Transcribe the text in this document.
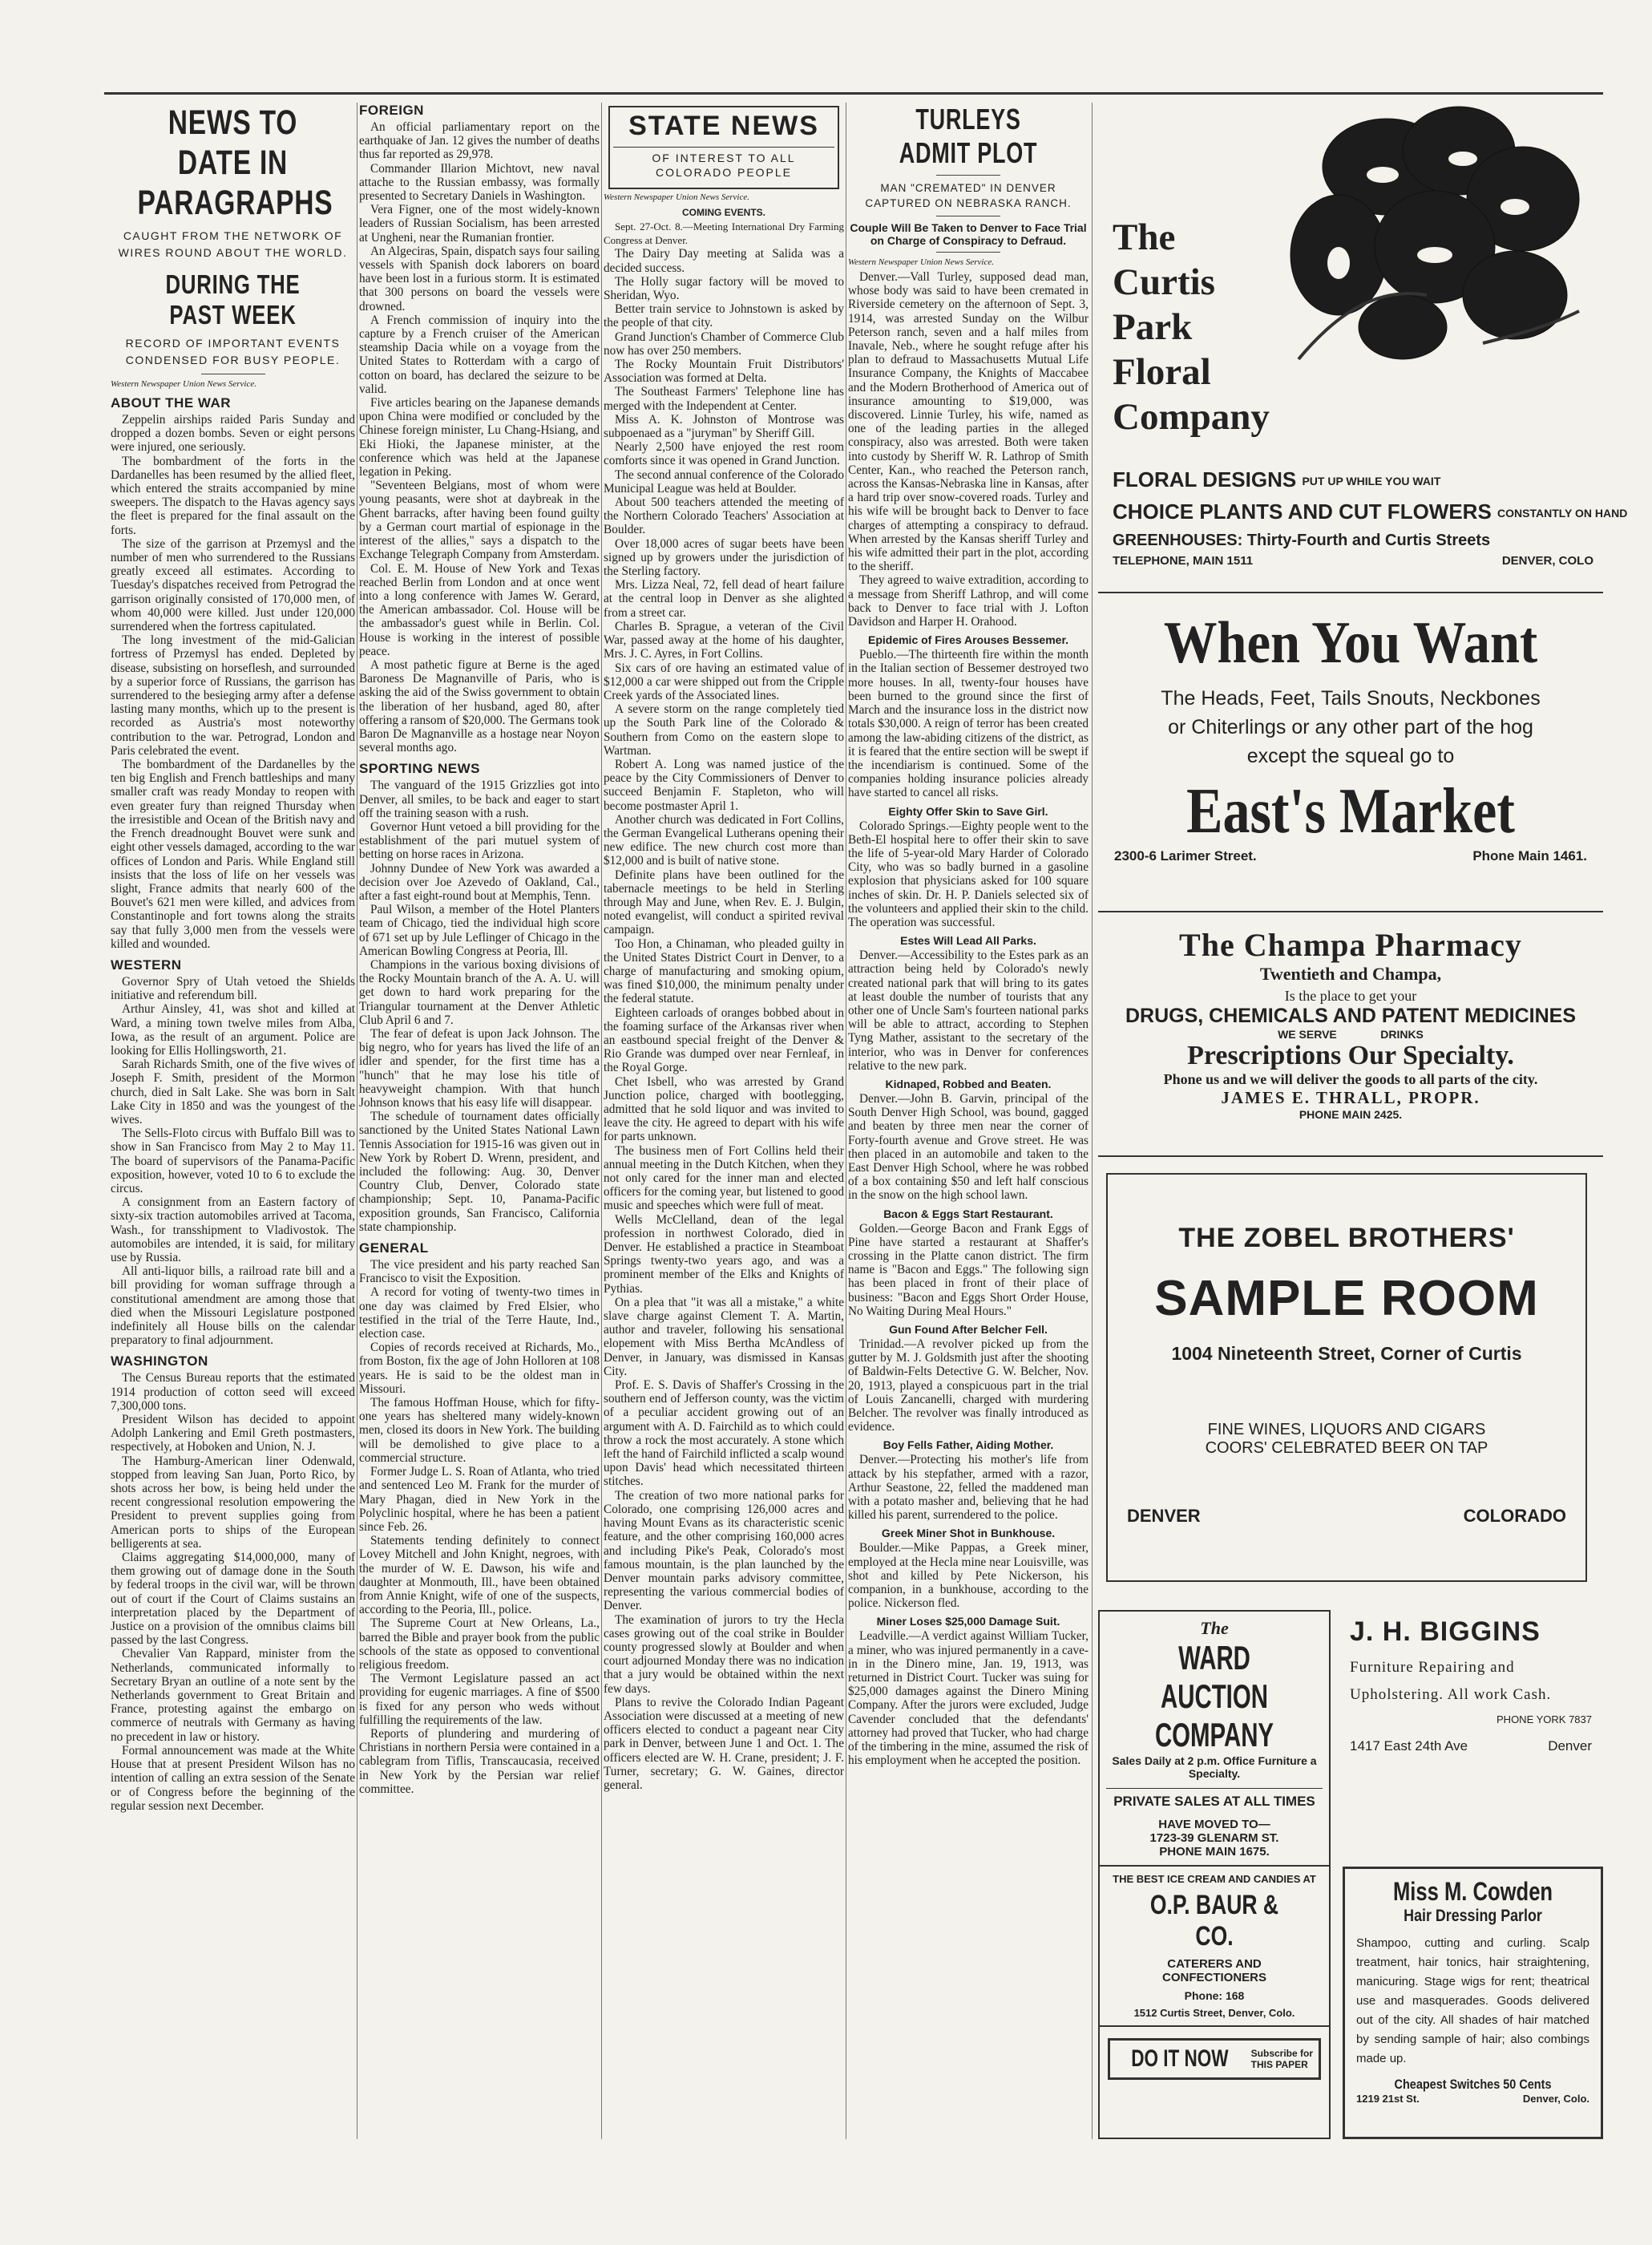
NEWS TO DATE IN PARAGRAPHS

CAUGHT FROM THE NETWORK OF WIRES ROUND ABOUT THE WORLD.

DURING THE PAST WEEK

RECORD OF IMPORTANT EVENTS CONDENSED FOR BUSY PEOPLE.

Western Newspaper Union News Service.

ABOUT THE WAR

Zeppelin airships raided Paris Sunday and dropped a dozen bombs. Seven or eight persons were injured, one seriously.

The bombardment of the forts in the Dardanelles has been resumed by the allied fleet, which entered the straits accompanied by mine sweepers. The dispatch to the Havas agency says the fleet is prepared for the final assault on the forts.

The size of the garrison at Przemysl and the number of men who surrendered to the Russians greatly exceed all estimates. According to Tuesday's dispatches received from Petrograd the garrison originally consisted of 170,000 men, of whom 40,000 were killed. Just under 120,000 surrendered when the fortress capitulated.

The long investment of the mid-Galician fortress of Przemysl has ended. Depleted by disease, subsisting on horseflesh, and surrounded by a superior force of Russians, the garrison has surrendered to the besieging army after a defense lasting many months, which up to the present is recorded as Austria's most noteworthy contribution to the war. Petrograd, London and Paris celebrated the event.

The bombardment of the Dardanelles by the ten big English and French battleships and many smaller craft was ready Monday to reopen with even greater fury than reigned Thursday when the irresistible and Ocean of the British navy and the French dreadnought Bouvet were sunk and eight other vessels damaged, according to the war offices of London and Paris. While England still insists that the loss of life on her vessels was slight, France admits that nearly 600 of the Bouvet's 621 men were killed, and advices from Constantinople and fort towns along the straits say that fully 3,000 men from the vessels were killed and wounded.

WESTERN

Governor Spry of Utah vetoed the Shields initiative and referendum bill.

Arthur Ainsley, 41, was shot and killed at Ward, a mining town twelve miles from Alba, Iowa, as the result of an argument. Police are looking for Ellis Hollingsworth, 21.

Sarah Richards Smith, one of the five wives of Joseph F. Smith, president of the Mormon church, died in Salt Lake. She was born in Salt Lake City in 1850 and was the youngest of the wives.

The Sells-Floto circus with Buffalo Bill was to show in San Francisco from May 2 to May 11. The board of supervisors of the Panama-Pacific exposition, however, voted 10 to 6 to exclude the circus.

A consignment from an Eastern factory of sixty-six traction automobiles arrived at Tacoma, Wash., for transshipment to Vladivostok. The automobiles are intended, it is said, for military use by Russia.

All anti-liquor bills, a railroad rate bill and a bill providing for woman suffrage through a constitutional amendment are among those that died when the Missouri Legislature postponed indefinitely all House bills on the calendar preparatory to final adjournment.

WASHINGTON

The Census Bureau reports that the estimated 1914 production of cotton seed will exceed 7,300,000 tons.

President Wilson has decided to appoint Adolph Lankering and Emil Greth postmasters, respectively, at Hoboken and Union, N. J.

The Hamburg-American liner Odenwald, stopped from leaving San Juan, Porto Rico, by shots across her bow, is being held under the recent congressional resolution empowering the President to prevent supplies going from American ports to ships of the European belligerents at sea.

Claims aggregating $14,000,000, many of them growing out of damage done in the South by federal troops in the civil war, will be thrown out of court if the Court of Claims sustains an interpretation placed by the Department of Justice on a provision of the omnibus claims bill passed by the last Congress.

Chevalier Van Rappard, minister from the Netherlands, communicated informally to Secretary Bryan an outline of a note sent by the Netherlands government to Great Britain and France, protesting against the embargo on commerce of neutrals with Germany as having no precedent in law or history.

Formal announcement was made at the White House that at present President Wilson has no intention of calling an extra session of the Senate or of Congress before the beginning of the regular session next December.

FOREIGN

An official parliamentary report on the earthquake of Jan. 12 gives the number of deaths thus far reported as 29,978.

Commander Illarion Michtovt, new naval attache to the Russian embassy, was formally presented to Secretary Daniels in Washington.

Vera Figner, one of the most widely-known leaders of Russian Socialism, has been arrested at Ungheni, near the Rumanian frontier.

An Algeciras, Spain, dispatch says four sailing vessels with Spanish dock laborers on board have been lost in a furious storm. It is estimated that 300 persons on board the vessels were drowned.

A French commission of inquiry into the capture by a French cruiser of the American steamship Dacia while on a voyage from the United States to Rotterdam with a cargo of cotton on board, has declared the seizure to be valid.

Five articles bearing on the Japanese demands upon China were modified or concluded by the Chinese foreign minister, Lu Chang-Hsiang, and Eki Hioki, the Japanese minister, at the conference which was held at the Japanese legation in Peking.

"Seventeen Belgians, most of whom were young peasants, were shot at daybreak in the Ghent barracks, after having been found guilty by a German court martial of espionage in the interest of the allies," says a dispatch to the Exchange Telegraph Company from Amsterdam.

Col. E. M. House of New York and Texas reached Berlin from London and at once went into a long conference with James W. Gerard, the American ambassador. Col. House will be the ambassador's guest while in Berlin. Col. House is working in the interest of possible peace.

A most pathetic figure at Berne is the aged Baroness De Magnanville of Paris, who is asking the aid of the Swiss government to obtain the liberation of her husband, aged 80, after offering a ransom of $20,000. The Germans took Baron De Magnanville as a hostage near Noyon several months ago.

SPORTING NEWS

The vanguard of the 1915 Grizzlies got into Denver, all smiles, to be back and eager to start off the training season with a rush.

Governor Hunt vetoed a bill providing for the establishment of the pari mutuel system of betting on horse races in Arizona.

Johnny Dundee of New York was awarded a decision over Joe Azevedo of Oakland, Cal., after a fast eight-round bout at Memphis, Tenn.

Paul Wilson, a member of the Hotel Planters team of Chicago, tied the individual high score of 671 set up by Jule Leflinger of Chicago in the American Bowling Congress at Peoria, Ill.

Champions in the various boxing divisions of the Rocky Mountain branch of the A. A. U. will get down to hard work preparing for the Triangular tournament at the Denver Athletic Club April 6 and 7.

The fear of defeat is upon Jack Johnson. The big negro, who for years has lived the life of an idler and spender, for the first time has a "hunch" that he may lose his title of heavyweight champion. With that hunch Johnson knows that his easy life will disappear.

The schedule of tournament dates officially sanctioned by the United States National Lawn Tennis Association for 1915-16 was given out in New York by Robert D. Wrenn, president, and included the following: Aug. 30, Denver Country Club, Denver, Colorado state championship; Sept. 10, Panama-Pacific exposition grounds, San Francisco, California state championship.

GENERAL

The vice president and his party reached San Francisco to visit the Exposition.

A record for voting of twenty-two times in one day was claimed by Fred Elsier, who testified in the trial of the Terre Haute, Ind., election case.

Copies of records received at Richards, Mo., from Boston, fix the age of John Holloren at 108 years. He is said to be the oldest man in Missouri.

The famous Hoffman House, which for fifty-one years has sheltered many widely-known men, closed its doors in New York. The building will be demolished to give place to a commercial structure.

Former Judge L. S. Roan of Atlanta, who tried and sentenced Leo M. Frank for the murder of Mary Phagan, died in New York in the Polyclinic hospital, where he has been a patient since Feb. 26.

Statements tending definitely to connect Lovey Mitchell and John Knight, negroes, with the murder of W. E. Dawson, his wife and daughter at Monmouth, Ill., have been obtained from Annie Knight, wife of one of the suspects, according to the Peoria, Ill., police.

The Supreme Court at New Orleans, La., barred the Bible and prayer book from the public schools of the state as opposed to conventional religious freedom.

The Vermont Legislature passed an act providing for eugenic marriages. A fine of $500 is fixed for any person who weds without fulfilling the requirements of the law.

Reports of plundering and murdering of Christians in northern Persia were contained in a cablegram from Tiflis, Transcaucasia, received in New York by the Persian war relief committee.

STATE NEWS
OF INTEREST TO ALL COLORADO PEOPLE

Western Newspaper Union News Service.

COMING EVENTS.

Sept. 27-Oct. 8.—Meeting International Dry Farming Congress at Denver.

The Dairy Day meeting at Salida was a decided success.

The Holly sugar factory will be moved to Sheridan, Wyo.

Better train service to Johnstown is asked by the people of that city.

Grand Junction's Chamber of Commerce Club now has over 250 members.

The Rocky Mountain Fruit Distributors' Association was formed at Delta.

The Southeast Farmers' Telephone line has merged with the Independent at Center.

Miss A. K. Johnston of Montrose was subpoenaed as a "juryman" by Sheriff Gill.

Nearly 2,500 have enjoyed the rest room comforts since it was opened in Grand Junction.

The second annual conference of the Colorado Municipal League was held at Boulder.

About 500 teachers attended the meeting of the Northern Colorado Teachers' Association at Boulder.

Over 18,000 acres of sugar beets have been signed up by growers under the jurisdiction of the Sterling factory.

Mrs. Lizza Neal, 72, fell dead of heart failure at the central loop in Denver as she alighted from a street car.

Charles B. Sprague, a veteran of the Civil War, passed away at the home of his daughter, Mrs. J. C. Ayres, in Fort Collins.

Six cars of ore having an estimated value of $12,000 a car were shipped out from the Cripple Creek yards of the Associated lines.

A severe storm on the range completely tied up the South Park line of the Colorado & Southern from Como on the eastern slope to Wartman.

Robert A. Long was named justice of the peace by the City Commissioners of Denver to succeed Benjamin F. Stapleton, who will become postmaster April 1.

Another church was dedicated in Fort Collins, the German Evangelical Lutherans opening their new edifice. The new church cost more than $12,000 and is built of native stone.

Definite plans have been outlined for the tabernacle meetings to be held in Sterling through May and June, when Rev. E. J. Bulgin, noted evangelist, will conduct a spirited revival campaign.

Too Hon, a Chinaman, who pleaded guilty in the United States District Court in Denver, to a charge of manufacturing and smoking opium, was fined $10,000, the minimum penalty under the federal statute.

Eighteen carloads of oranges bobbed about in the foaming surface of the Arkansas river when an eastbound special freight of the Denver & Rio Grande was dumped over near Fernleaf, in the Royal Gorge.

Chet Isbell, who was arrested by Grand Junction police, charged with bootlegging, admitted that he sold liquor and was invited to leave the city. He agreed to depart with his wife for parts unknown.

The business men of Fort Collins held their annual meeting in the Dutch Kitchen, when they not only cared for the inner man and elected officers for the coming year, but listened to good music and speeches which were full of meat.

Wells McClelland, dean of the legal profession in northwest Colorado, died in Denver. He established a practice in Steamboat Springs twenty-two years ago, and was a prominent member of the Elks and Knights of Pythias.

On a plea that "it was all a mistake," a white slave charge against Clement T. A. Martin, author and traveler, following his sensational elopement with Miss Bertha McAndless of Denver, in January, was dismissed in Kansas City.

Prof. E. S. Davis of Shaffer's Crossing in the southern end of Jefferson county, was the victim of a peculiar accident growing out of an argument with A. D. Fairchild as to which could throw a rock the most accurately. A stone which left the hand of Fairchild inflicted a scalp wound upon Davis' head which necessitated thirteen stitches.

The creation of two more national parks for Colorado, one comprising 126,000 acres and having Mount Evans as its characteristic scenic feature, and the other comprising 160,000 acres and including Pike's Peak, Colorado's most famous mountain, is the plan launched by the Denver mountain parks advisory committee, representing the various commercial bodies of Denver.

The examination of jurors to try the Hecla cases growing out of the coal strike in Boulder county progressed slowly at Boulder and when court adjourned Monday there was no indication that a jury would be obtained within the next few days.

Plans to revive the Colorado Indian Pageant Association were discussed at a meeting of new officers elected to conduct a pageant near City park in Denver, between June 1 and Oct. 1. The officers elected are W. H. Crane, president; J. F. Turner, secretary; G. W. Gaines, director general.

TURLEYS ADMIT PLOT

MAN "CREMATED" IN DENVER CAPTURED ON NEBRASKA RANCH.

Couple Will Be Taken to Denver to Face Trial on Charge of Conspiracy to Defraud.

Western Newspaper Union News Service.

Denver.—Vall Turley, supposed dead man, whose body was said to have been cremated in Riverside cemetery on the afternoon of Sept. 3, 1914, was arrested Sunday on the Wilbur Peterson ranch, seven and a half miles from Inavale, Neb., where he sought refuge after his plan to defraud to Massachusetts Mutual Life Insurance Company, the Knights of Maccabee and the Modern Brotherhood of America out of insurance amounting to $19,000, was discovered. Linnie Turley, his wife, named as one of the leading parties in the alleged conspiracy, also was arrested. Both were taken into custody by Sheriff W. R. Lathrop of Smith Center, Kan., who reached the Peterson ranch, across the Kansas-Nebraska line in Kansas, after a hard trip over snow-covered roads. Turley and his wife will be brought back to Denver to face charges of attempting a conspiracy to defraud. When arrested by the Kansas sheriff Turley and his wife admitted their part in the plot, according to the sheriff.

They agreed to waive extradition, according to a message from Sheriff Lathrop, and will come back to Denver to face trial with J. Lofton Davidson and Harper H. Orahood.

Epidemic of Fires Arouses Bessemer.

Pueblo.—The thirteenth fire within the month in the Italian section of Bessemer destroyed two more houses. In all, twenty-four houses have been burned to the ground since the first of March and the insurance loss in the district now totals $30,000. A reign of terror has been created among the law-abiding citizens of the district, as it is feared that the entire section will be swept if the incendiarism is continued. Some of the companies holding insurance policies already have started to cancel all risks.

Eighty Offer Skin to Save Girl.

Colorado Springs.—Eighty people went to the Beth-El hospital here to offer their skin to save the life of 5-year-old Mary Harder of Colorado City, who was so badly burned in a gasoline explosion that physicians asked for 100 square inches of skin. Dr. H. P. Daniels selected six of the volunteers and applied their skin to the child. The operation was successful.

Estes Will Lead All Parks.

Denver.—Accessibility to the Estes park as an attraction being held by Colorado's newly created national park that will bring to its gates at least double the number of tourists that any other one of Uncle Sam's fourteen national parks will be able to attract, according to Stephen Tyng Mather, assistant to the secretary of the interior, who was in Denver for conferences relative to the new park.

Kidnaped, Robbed and Beaten.

Denver.—John B. Garvin, principal of the South Denver High School, was bound, gagged and beaten by three men near the corner of Forty-fourth avenue and Grove street. He was then placed in an automobile and taken to the East Denver High School, where he was robbed of a box containing $50 and left half conscious in the snow on the high school lawn.

Bacon & Eggs Start Restaurant.

Golden.—George Bacon and Frank Eggs of Pine have started a restaurant at Shaffer's crossing in the Platte canon district. The firm name is "Bacon and Eggs." The following sign has been placed in front of their place of business: "Bacon and Eggs Short Order House, No Waiting During Meal Hours."

Gun Found After Belcher Fell.

Trinidad.—A revolver picked up from the gutter by M. J. Goldsmith just after the shooting of Baldwin-Felts Detective G. W. Belcher, Nov. 20, 1913, played a conspicuous part in the trial of Louis Zancanelli, charged with murdering Belcher. The revolver was finally introduced as evidence.

Boy Fells Father, Aiding Mother.

Denver.—Protecting his mother's life from attack by his stepfather, armed with a razor, Arthur Seastone, 22, felled the maddened man with a potato masher and, believing that he had killed his parent, surrendered to the police.

Greek Miner Shot in Bunkhouse.

Boulder.—Mike Pappas, a Greek miner, employed at the Hecla mine near Louisville, was shot and killed by Pete Nickerson, his companion, in a bunkhouse, according to the police. Nickerson fled.

Miner Loses $25,000 Damage Suit.

Leadville.—A verdict against William Tucker, a miner, who was injured permanently in a cave-in in the Dinero mine, Jan. 19, 1913, was returned in District Court. Tucker was suing for $25,000 damages against the Dinero Mining Company. After the jurors were excluded, Judge Cavender concluded that the defendants' attorney had proved that Tucker, who had charge of the timbering in the mine, assumed the risk of his employment when he accepted the position.

The
Curtis
Park
Floral
Company
FLORAL DESIGNS PUT UP WHILE YOU WAIT
CHOICE PLANTS AND CUT FLOWERS CONSTANTLY ON HAND
GREENHOUSES: Thirty-Fourth and Curtis Streets
TELEPHONE, MAIN 1511	DENVER, COLO
When You Want
The Heads, Feet, Tails Snouts, Neckbones
or Chiterlings or any other part of the hog
except the squeal go to
East's Market
2300-6 Larimer Street.	Phone Main 1461.
The Champa Pharmacy
Twentieth and Champa,
Is the place to get your
DRUGS, CHEMICALS AND PATENT MEDICINES
WE SERVE	DRINKS
Prescriptions Our Specialty.
Phone us and we will deliver the goods to all parts of the city.
JAMES E. THRALL, PROPR.
PHONE MAIN 2425.
THE ZOBEL BROTHERS'
SAMPLE ROOM
1004 Nineteenth Street, Corner of Curtis
FINE WINES, LIQUORS AND CIGARS
COORS' CELEBRATED BEER ON TAP
DENVER	COLORADO
The
WARD AUCTION COMPANY
Sales Daily at 2 p.m. Office Furniture a Specialty.
PRIVATE SALES AT ALL TIMES
HAVE MOVED TO—
1723-39 GLENARM ST.
PHONE MAIN 1675.
THE BEST ICE CREAM AND CANDIES AT
O.P. BAUR & CO.
CATERERS AND
CONFECTIONERS
Phone: 168
1512 Curtis Street, Denver, Colo.
DO IT NOW Subscribe for THIS PAPER
J. H. BIGGINS
Furniture Repairing and Upholstering. All work Cash.
PHONE YORK 7837
1417 East 24th Ave	Denver
Miss M. Cowden
Hair Dressing Parlor
Shampoo, cutting and curling. Scalp treatment, hair tonics, hair straightening, manicuring. Stage wigs for rent; theatrical use and masquerades. Goods delivered out of the city. All shades of hair matched by sending sample of hair; also combings made up.
Cheapest Switches 50 Cents
1219 21st St.	Denver, Colo.
